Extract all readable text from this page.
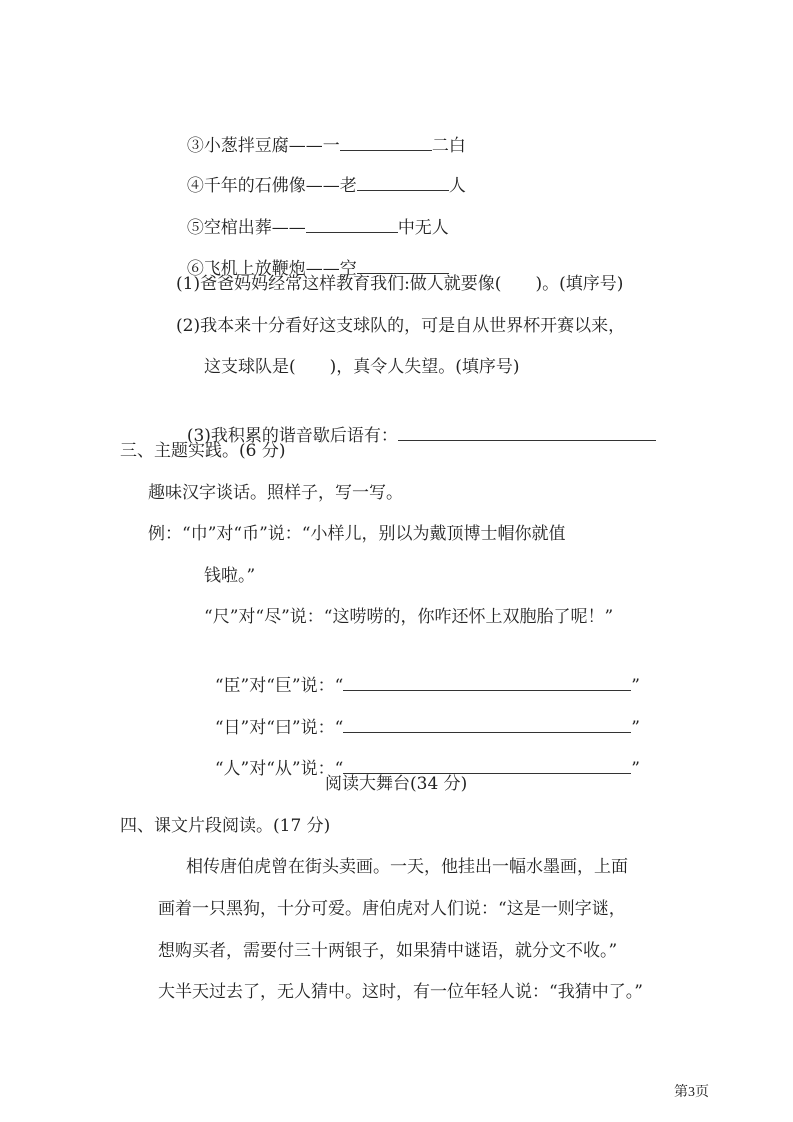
③小葱拌豆腐——一	二白

④千年的石佛像——老	人

⑤空棺出葬——	中无人

⑥飞机上放鞭炮——空

(1)爸爸妈妈经常这样教育我们:做人就要像(　　)。(填序号)
(2)我本来十分看好这支球队的，可是自从世界杯开赛以来，
这支球队是(　　)，真令人失望。(填序号)

(3)我积累的谐音歇后语有：

三、主题实践。(6 分)
趣味汉字谈话。照样子，写一写。
例：“巾”对“币”说：“小样儿，别以为戴顶博士帽你就值
钱啦。”
“尺”对“尽”说：“这唠唠的，你咋还怀上双胞胎了呢！”

“臣”对“巨”说：“	”

“日”对“曰”说：“	”

“人”对“从”说：“	”

阅读大舞台(34 分)
四、课文片段阅读。(17 分)
相传唐伯虎曾在街头卖画。一天，他挂出一幅水墨画，上面
画着一只黑狗，十分可爱。唐伯虎对人们说：“这是一则字谜，
想购买者，需要付三十两银子，如果猜中谜语，就分文不收。”
大半天过去了，无人猜中。这时，有一位年轻人说：“我猜中了。”
第3页
